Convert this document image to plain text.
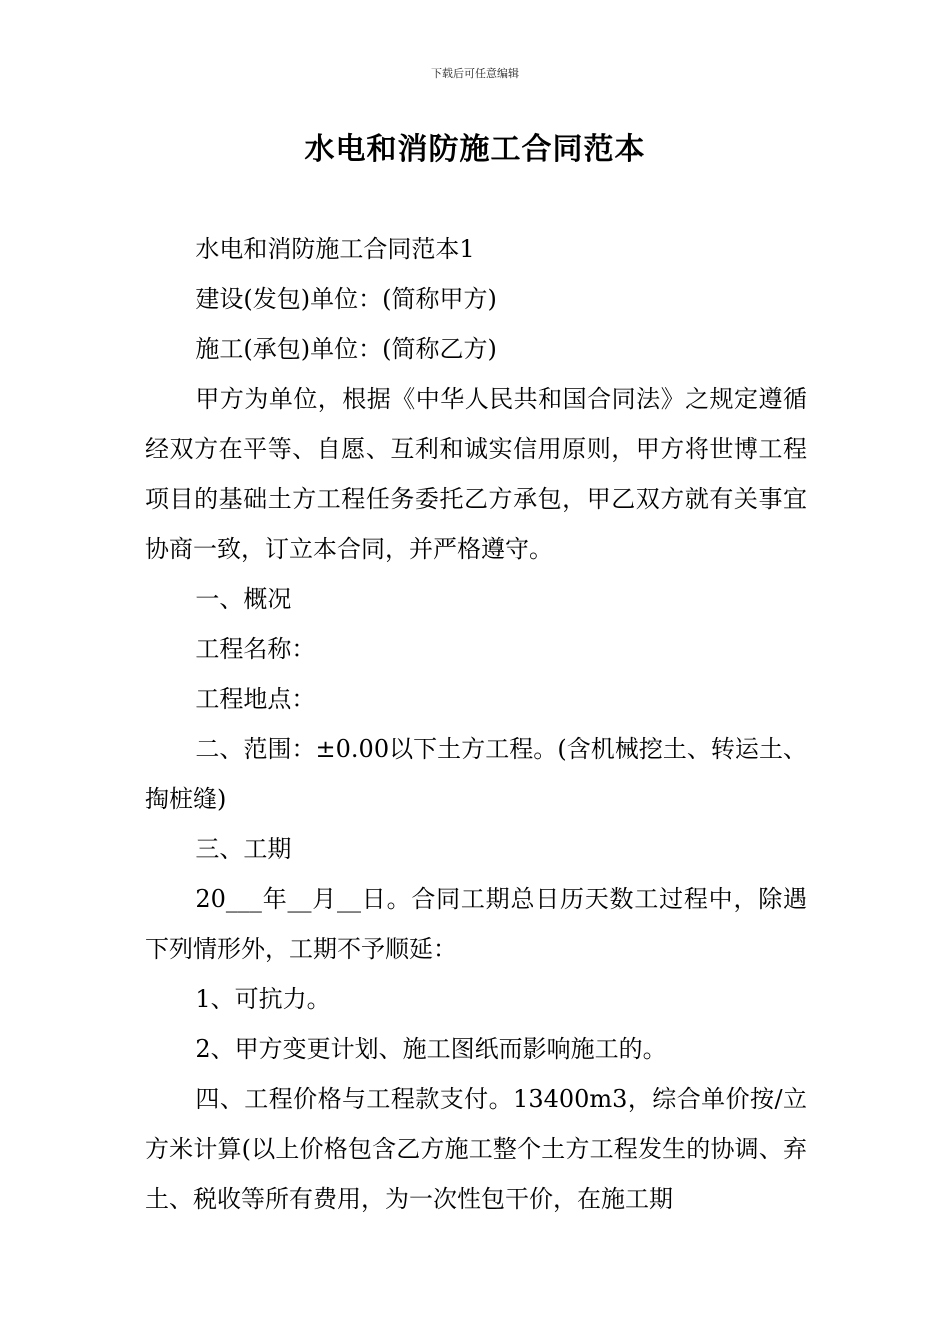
下载后可任意编辑
水电和消防施工合同范本

水电和消防施工合同范本1

建设(发包)单位：(简称甲方)

施工(承包)单位：(简称乙方)

甲方为单位，根据《中华人民共和国合同法》之规定遵循经双方在平等、自愿、互利和诚实信用原则，甲方将世博工程项目的基础土方工程任务委托乙方承包，甲乙双方就有关事宜协商一致，订立本合同，并严格遵守。

一、概况

工程名称：

工程地点：

二、范围：±0.00以下土方工程。(含机械挖土、转运土、掏桩缝)

三、工期

20___年__月__日。合同工期总日历天数工过程中，除遇下列情形外，工期不予顺延：

1、可抗力。

2、甲方变更计划、施工图纸而影响施工的。

四、工程价格与工程款支付。13400m3，综合单价按/立方米计算(以上价格包含乙方施工整个土方工程发生的协调、弃土、税收等所有费用，为一次性包干价，在施工期
